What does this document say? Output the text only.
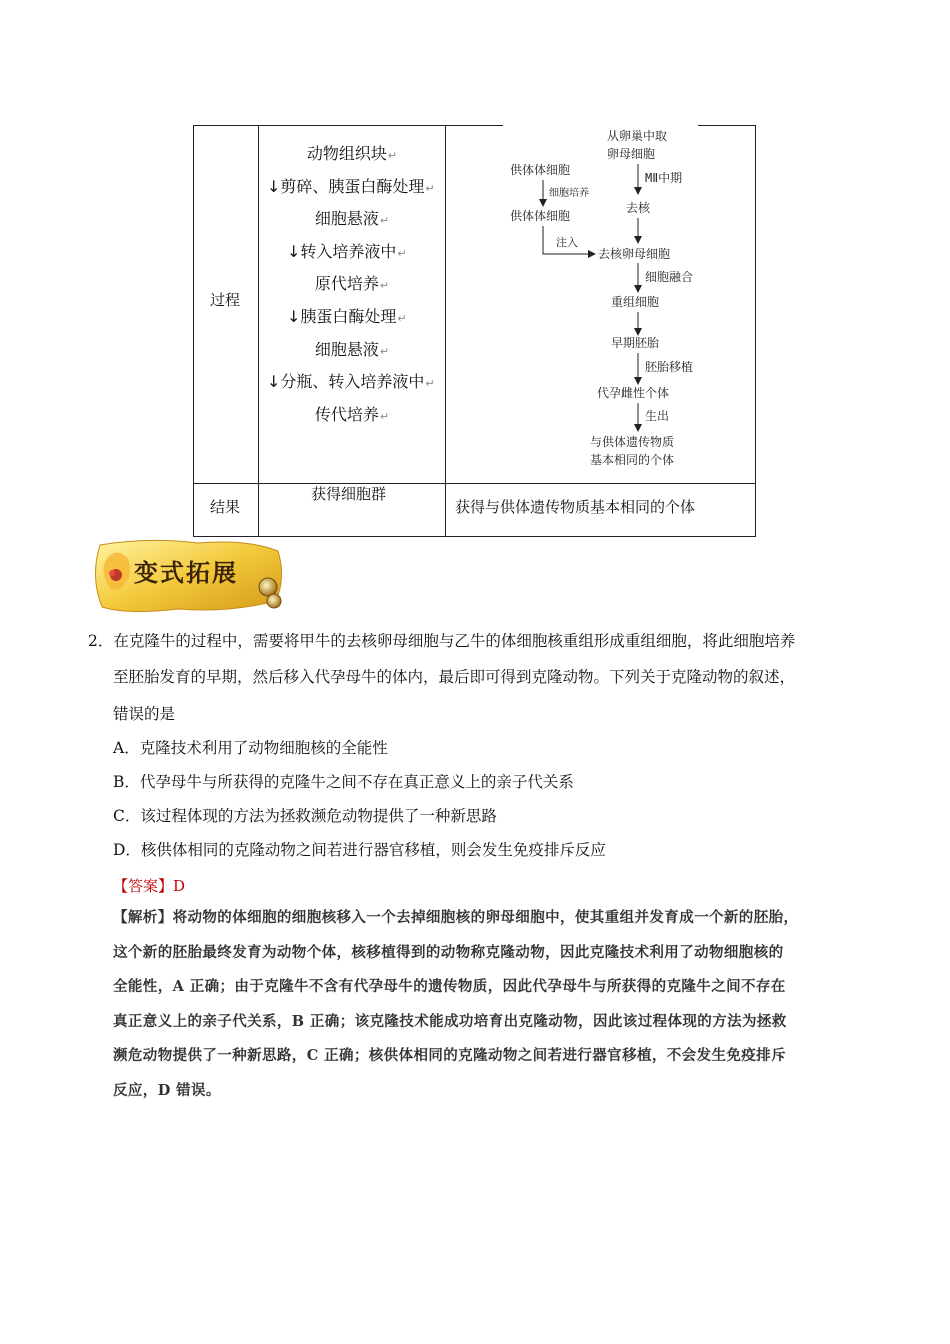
过程
结果
动物组织块↵
↓剪碎、胰蛋白酶处理↵
细胞悬液↵
↓转入培养液中↵
原代培养↵
↓胰蛋白酶处理↵
细胞悬液↵
↓分瓶、转入培养液中↵
传代培养↵
获得细胞群
获得与供体遗传物质基本相同的个体
从卵巢中取
卵母细胞
MⅡ中期
去核
供体体细胞
细胞培养
供体体细胞
注入
去核卵母细胞
细胞融合
重组细胞
早期胚胎
胚胎移植
代孕雌性个体
生出
与供体遗传物质
基本相同的个体
变式拓展
2．在克隆牛的过程中，需要将甲牛的去核卵母细胞与乙牛的体细胞核重组形成重组细胞，将此细胞培养
至胚胎发育的早期，然后移入代孕母牛的体内，最后即可得到克隆动物。下列关于克隆动物的叙述，
错误的是
A．克隆技术利用了动物细胞核的全能性
B．代孕母牛与所获得的克隆牛之间不存在真正意义上的亲子代关系
C．该过程体现的方法为拯救濒危动物提供了一种新思路
D．核供体相同的克隆动物之间若进行器官移植，则会发生免疫排斥反应
【答案】D
【解析】将动物的体细胞的细胞核移入一个去掉细胞核的卵母细胞中，使其重组并发育成一个新的胚胎，
这个新的胚胎最终发育为动物个体，核移植得到的动物称克隆动物，因此克隆技术利用了动物细胞核的
全能性，A 正确；由于克隆牛不含有代孕母牛的遗传物质，因此代孕母牛与所获得的克隆牛之间不存在
真正意义上的亲子代关系，B 正确；该克隆技术能成功培育出克隆动物，因此该过程体现的方法为拯救
濒危动物提供了一种新思路，C 正确；核供体相同的克隆动物之间若进行器官移植，不会发生免疫排斥
反应，D 错误。
